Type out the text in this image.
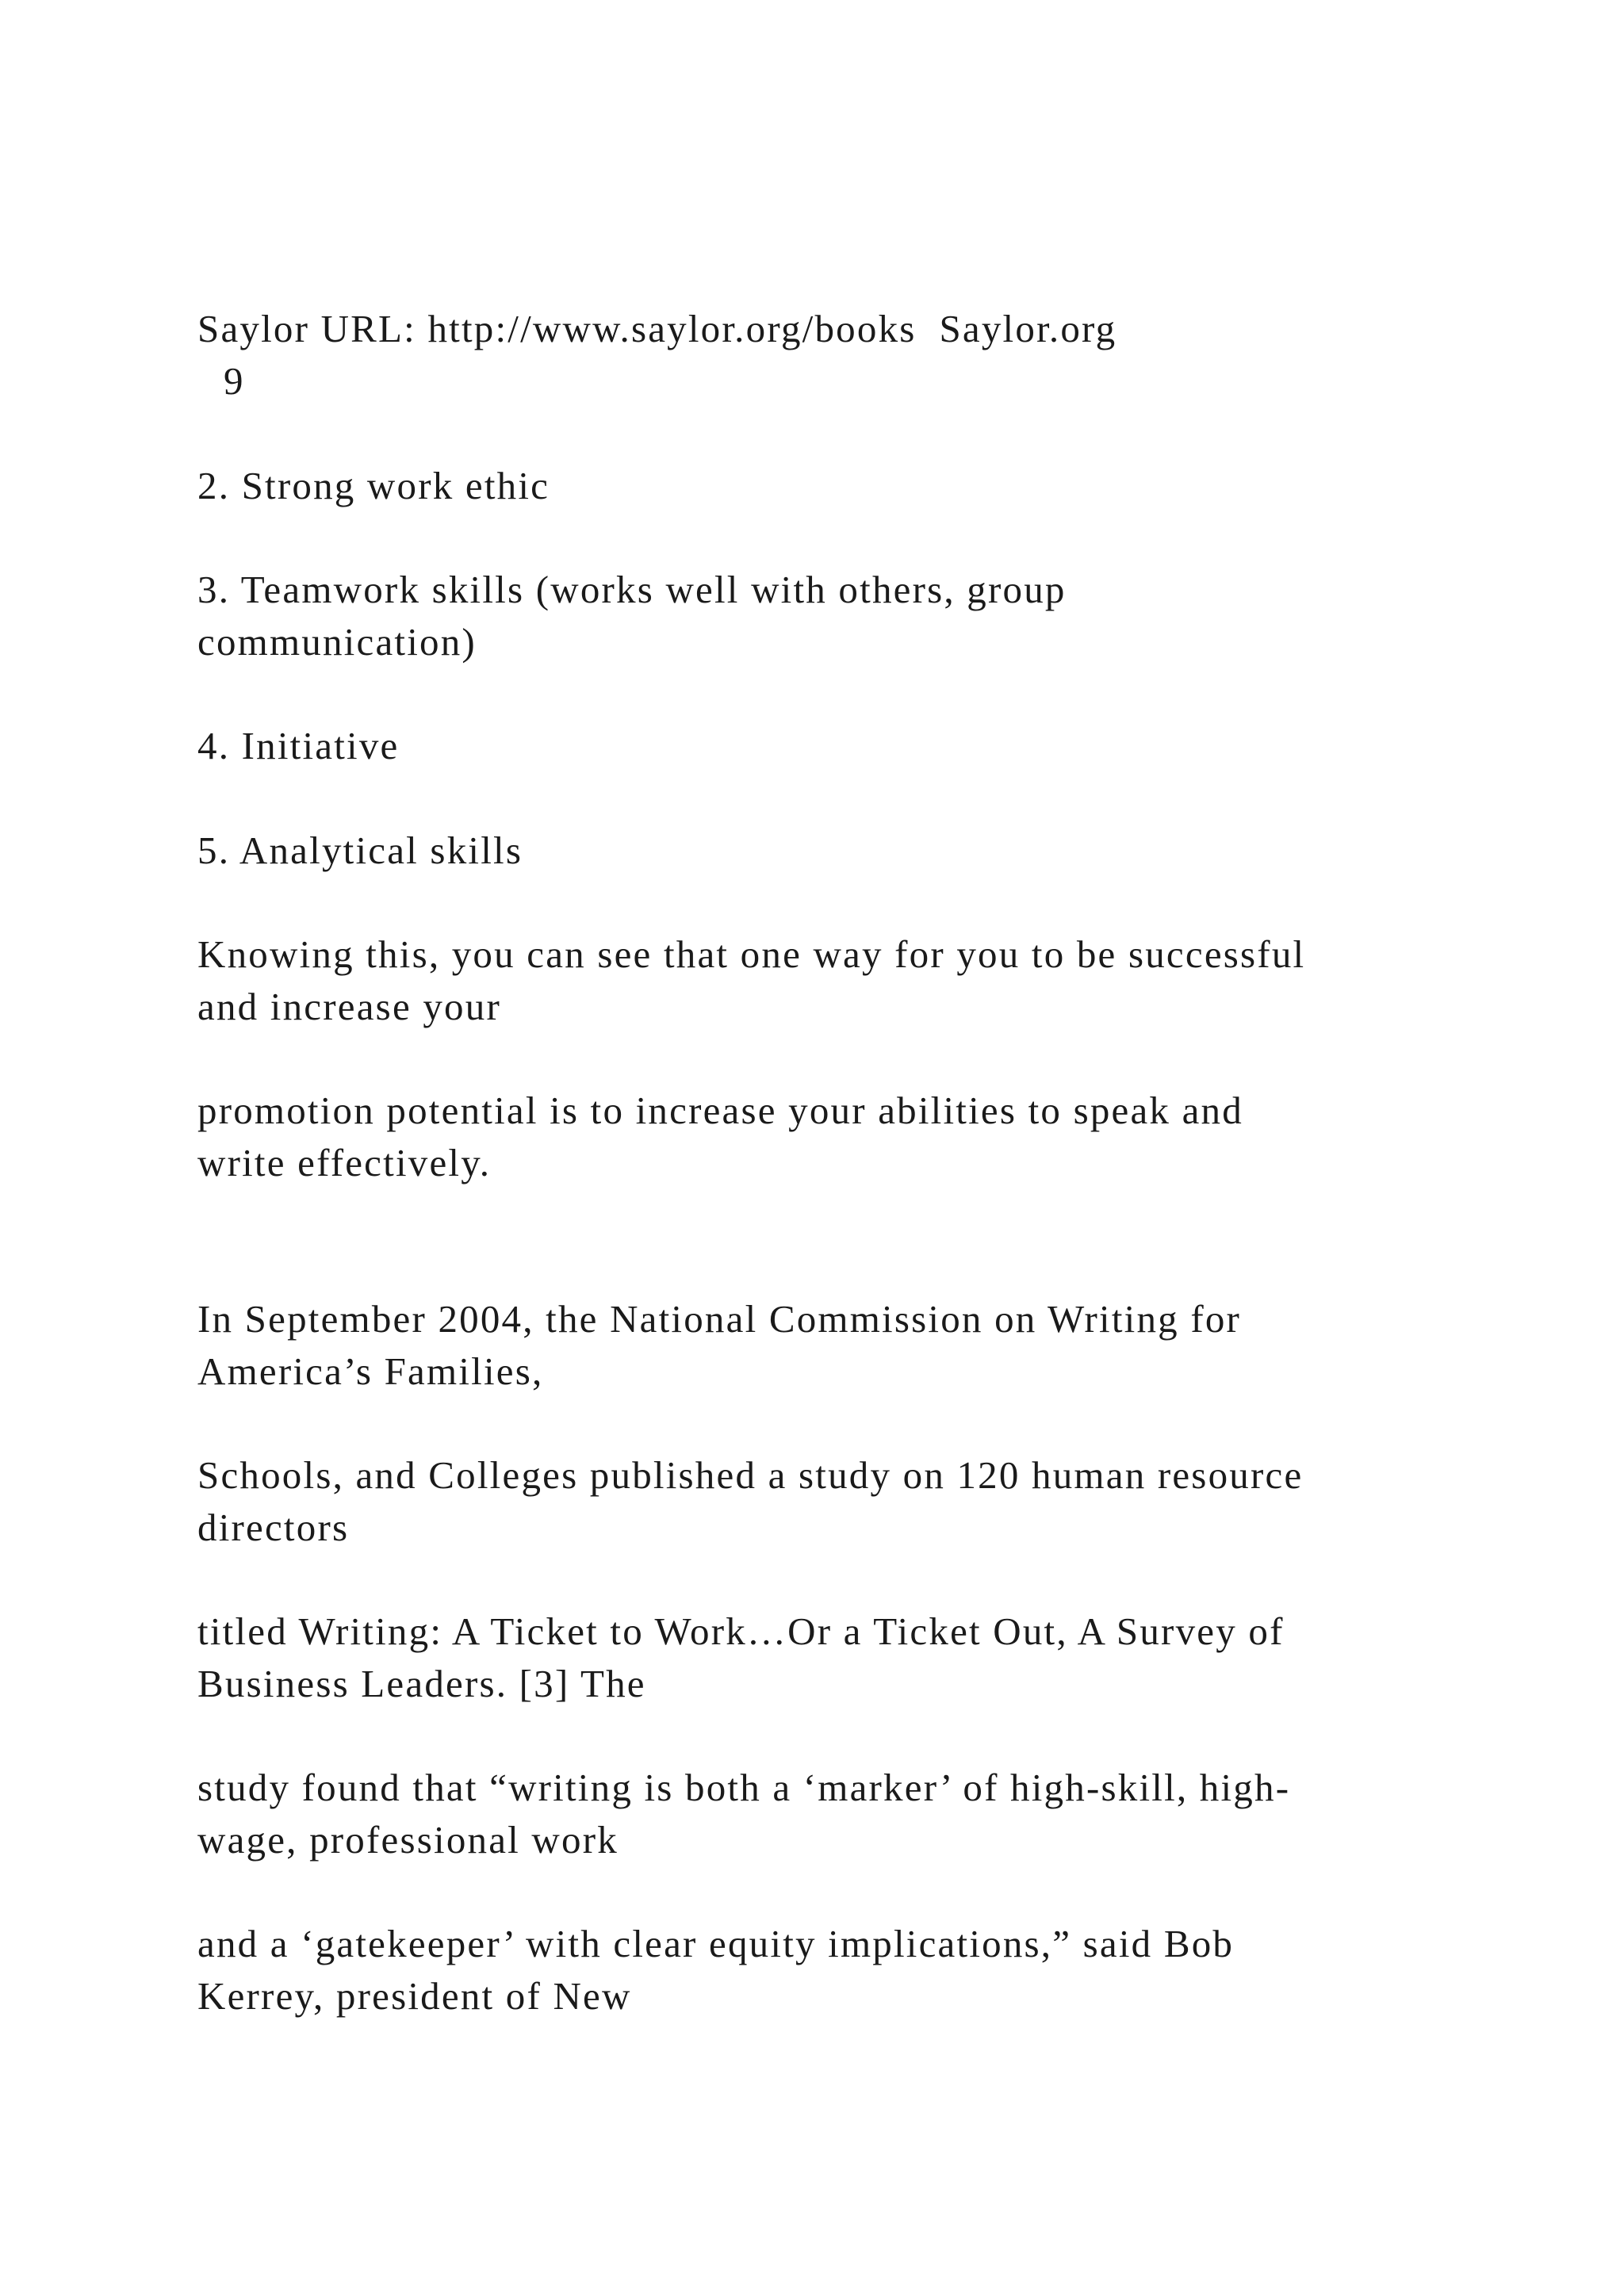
Saylor URL: http://www.saylor.org/books  Saylor.org

9

2. Strong work ethic

3. Teamwork skills (works well with others, group

communication)

4. Initiative

5. Analytical skills

Knowing this, you can see that one way for you to be successful

and increase your

promotion potential is to increase your abilities to speak and

write effectively.

In September 2004, the National Commission on Writing for

America’s Families,

Schools, and Colleges published a study on 120 human resource

directors

titled Writing: A Ticket to Work…Or a Ticket Out, A Survey of

Business Leaders. [3] The

study found that “writing is both a ‘marker’ of high-skill, high-

wage, professional work

and a ‘gatekeeper’ with clear equity implications,” said Bob

Kerrey, president of New
